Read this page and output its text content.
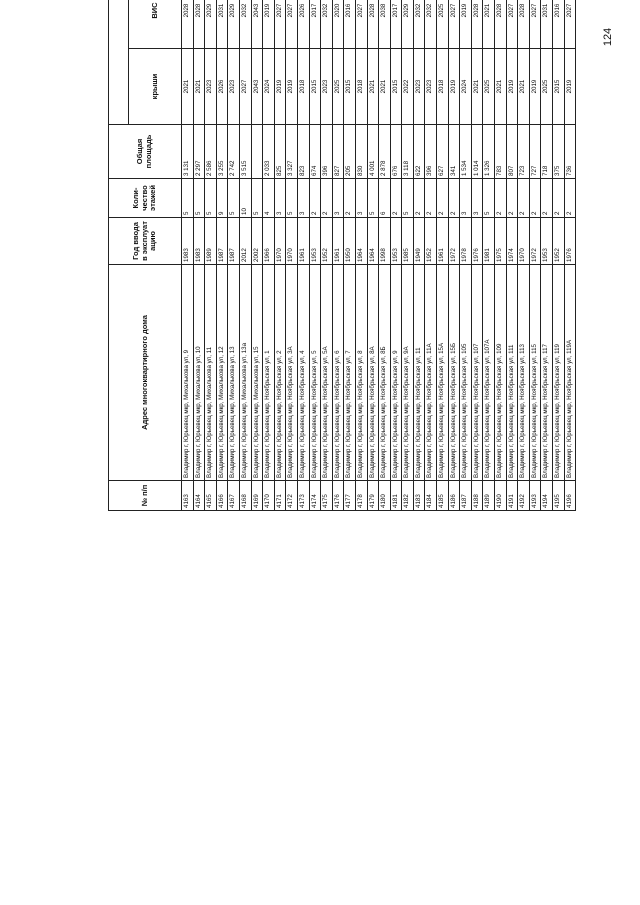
124
№ п/п	Адрес многоквартирного дома	Год ввода в эксплуат ацию	Коли-чество этажей	Общая площадь	
					крыши	ВИС				
4163	Владимир г, Юрьевец мкр, Михалькова ул, 9	1983	5	3 131	2021	2028				
4164	Владимир г, Юрьевец мкр, Михалькова ул, 10	1983	5	2 297	2021	2028				
4165	Владимир г, Юрьевец мкр, Михалькова ул, 11	1989	5	2 586	2023	2029				
4166	Владимир г, Юрьевец мкр, Михалькова ул, 12	1987	9	3 255	2026	2031				
4167	Владимир г, Юрьевец мкр, Михалькова ул, 13	1987	5	2 742	2023	2029				
4168	Владимир г, Юрьевец мкр, Михалькова ул, 13а	2012	10	3 515	2027	2032				
4169	Владимир г, Юрьевец мкр, Михалькова ул, 15	2002	5		2043	2043				
4170	Владимир г, Юрьевец мкр, Ноябрьская ул, 1	1966	4	2 033	2024	2019				
4171	Владимир г, Юрьевец мкр, Ноябрьская ул, 2	1970	3	825	2019	2027				
4172	Владимир г, Юрьевец мкр, Ноябрьская ул, 3А	1970	5	3 327	2019	2027				
4173	Владимир г, Юрьевец мкр, Ноябрьская ул, 4	1961	3	823	2018	2026				
4174	Владимир г, Юрьевец мкр, Ноябрьская ул, 5	1953	2	674	2015	2017				
4175	Владимир г, Юрьевец мкр, Ноябрьская ул, 5А	1952	2	396	2023	2032				
4176	Владимир г, Юрьевец мкр, Ноябрьская ул, 6	1961	3	827	2025	2020				
4177	Владимир г, Юрьевец мкр, Ноябрьская ул, 7	1950	2	205	2015	2016				
4178	Владимир г, Юрьевец мкр, Ноябрьская ул, 8	1964	3	830	2018	2027				
4179	Владимир г, Юрьевец мкр, Ноябрьская ул, 8А	1964	5	4 001	2021	2028				
4180	Владимир г, Юрьевец мкр, Ноябрьская ул, 8Б	1998	6	2 878	2021	2038				
4181	Владимир г, Юрьевец мкр, Ноябрьская ул, 9	1953	2	676	2015	2017				
4182	Владимир г, Юрьевец мкр, Ноябрьская ул, 9А	1985	5	3 118	2022	2029				
4183	Владимир г, Юрьевец мкр, Ноябрьская ул, 11	1949	2	622	2023	2032				
4184	Владимир г, Юрьевец мкр, Ноябрьская ул, 11А	1952	2	396	2023	2032				
4185	Владимир г, Юрьевец мкр, Ноябрьская ул, 15А	1961	2	627	2018	2025				
4186	Владимир г, Юрьевец мкр, Ноябрьская ул, 15Б	1972	2	341	2019	2027				
4187	Владимир г, Юрьевец мкр, Ноябрьская ул, 105	1978	3	1 534	2024	2019				
4188	Владимир г, Юрьевец мкр, Ноябрьская ул, 107	1976	3	1 014	2021	2028				
4189	Владимир г, Юрьевец мкр, Ноябрьская ул, 107А	1981	5	1 326	2025	2021				
4190	Владимир г, Юрьевец мкр, Ноябрьская ул, 109	1975	2	783	2021	2028				
4191	Владимир г, Юрьевец мкр, Ноябрьская ул, 111	1974	2	807	2019	2027				
4192	Владимир г, Юрьевец мкр, Ноябрьская ул, 113	1970	2	723	2021	2028				
4193	Владимир г, Юрьевец мкр, Ноябрьская ул, 115	1972	2	727	2019	2027				
4194	Владимир г, Юрьевец мкр, Ноябрьская ул, 117	1953	2	718	2025	2031				
4195	Владимир г, Юрьевец мкр, Ноябрьская ул, 119	1952	2	375	2015	2016				
4196	Владимир г, Юрьевец мкр, Ноябрьская ул, 119А	1976	2	736	2019	2027				
